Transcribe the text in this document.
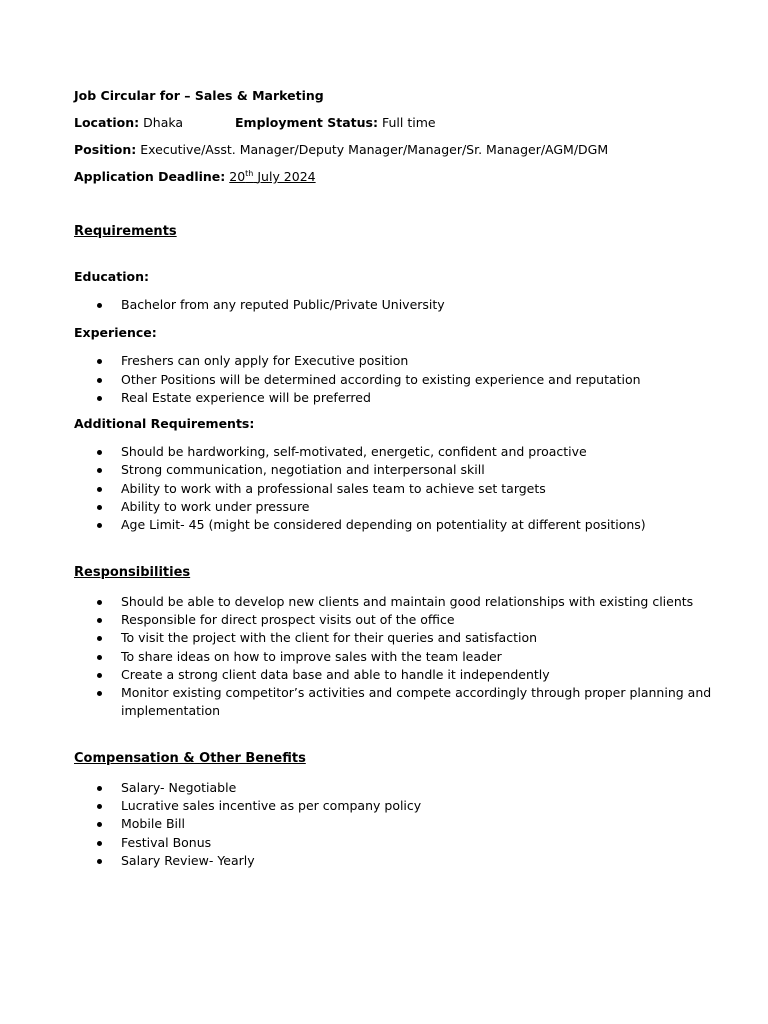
Job Circular for – Sales & Marketing
Location: Dhaka	Employment Status: Full time
Position: Executive/Asst. Manager/Deputy Manager/Manager/Sr. Manager/AGM/DGM
Application Deadline: 20th July 2024
Requirements
Education:
Bachelor from any reputed Public/Private University
Experience:
Freshers can only apply for Executive position
Other Positions will be determined according to existing experience and reputation
Real Estate experience will be preferred
Additional Requirements:
Should be hardworking, self-motivated, energetic, confident and proactive
Strong communication, negotiation and interpersonal skill
Ability to work with a professional sales team to achieve set targets
Ability to work under pressure
Age Limit- 45 (might be considered depending on potentiality at different positions)
Responsibilities
Should be able to develop new clients and maintain good relationships with existing clients
Responsible for direct prospect visits out of the office
To visit the project with the client for their queries and satisfaction
To share ideas on how to improve sales with the team leader
Create a strong client data base and able to handle it independently
Monitor existing competitor’s activities and compete accordingly through proper planning and
implementation
Compensation & Other Benefits
Salary- Negotiable
Lucrative sales incentive as per company policy
Mobile Bill
Festival Bonus
Salary Review- Yearly
